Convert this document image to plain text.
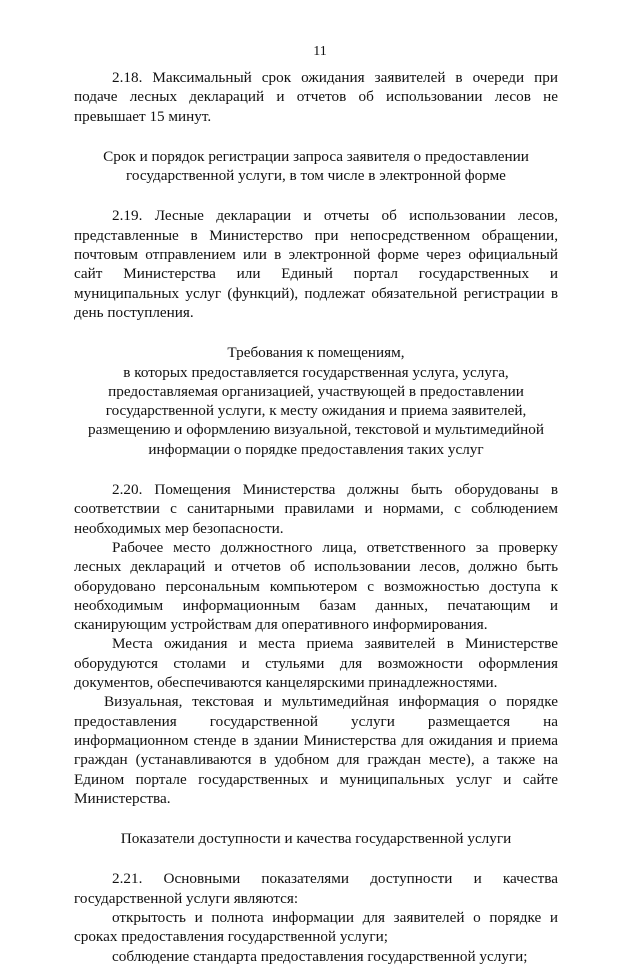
11

2.18. Максимальный срок ожидания заявителей в очереди при подаче лесных деклараций и отчетов об использовании лесов не превышает 15 минут.

Срок и порядок регистрации запроса заявителя о предоставлении государственной услуги, в том числе в электронной форме

2.19. Лесные декларации и отчеты об использовании лесов, представленные в Министерство при непосредственном обращении, почтовым отправлением или в электронной форме через официальный сайт Министерства или Единый портал государственных и муниципальных услуг (функций), подлежат обязательной регистрации в день поступления.

Требования к помещениям,
в которых предоставляется государственная услуга, услуга,
предоставляемая организацией, участвующей в предоставлении
государственной услуги, к месту ожидания и приема заявителей,
размещению и оформлению визуальной, текстовой и мультимедийной
информации о порядке предоставления таких услуг

2.20. Помещения Министерства должны быть оборудованы в соответствии с санитарными правилами и нормами, с соблюдением необходимых мер безопасности.

Рабочее место должностного лица, ответственного за проверку лесных деклараций и отчетов об использовании лесов, должно быть оборудовано персональным компьютером с возможностью доступа к необходимым информационным базам данных, печатающим и сканирующим устройствам для оперативного информирования.

Места ожидания и места приема заявителей в Министерстве оборудуются столами и стульями для возможности оформления документов, обеспечиваются канцелярскими принадлежностями.

Визуальная, текстовая и мультимедийная информация о порядке предоставления государственной услуги размещается на информационном стенде в здании Министерства для ожидания и приема граждан (устанавливаются в удобном для граждан месте), а также на Едином портале государственных и муниципальных услуг и сайте Министерства.

Показатели доступности и качества государственной услуги

2.21. Основными показателями доступности и качества государственной услуги являются:

открытость и полнота информации для заявителей о порядке и сроках предоставления государственной услуги;

соблюдение стандарта предоставления государственной услуги;
